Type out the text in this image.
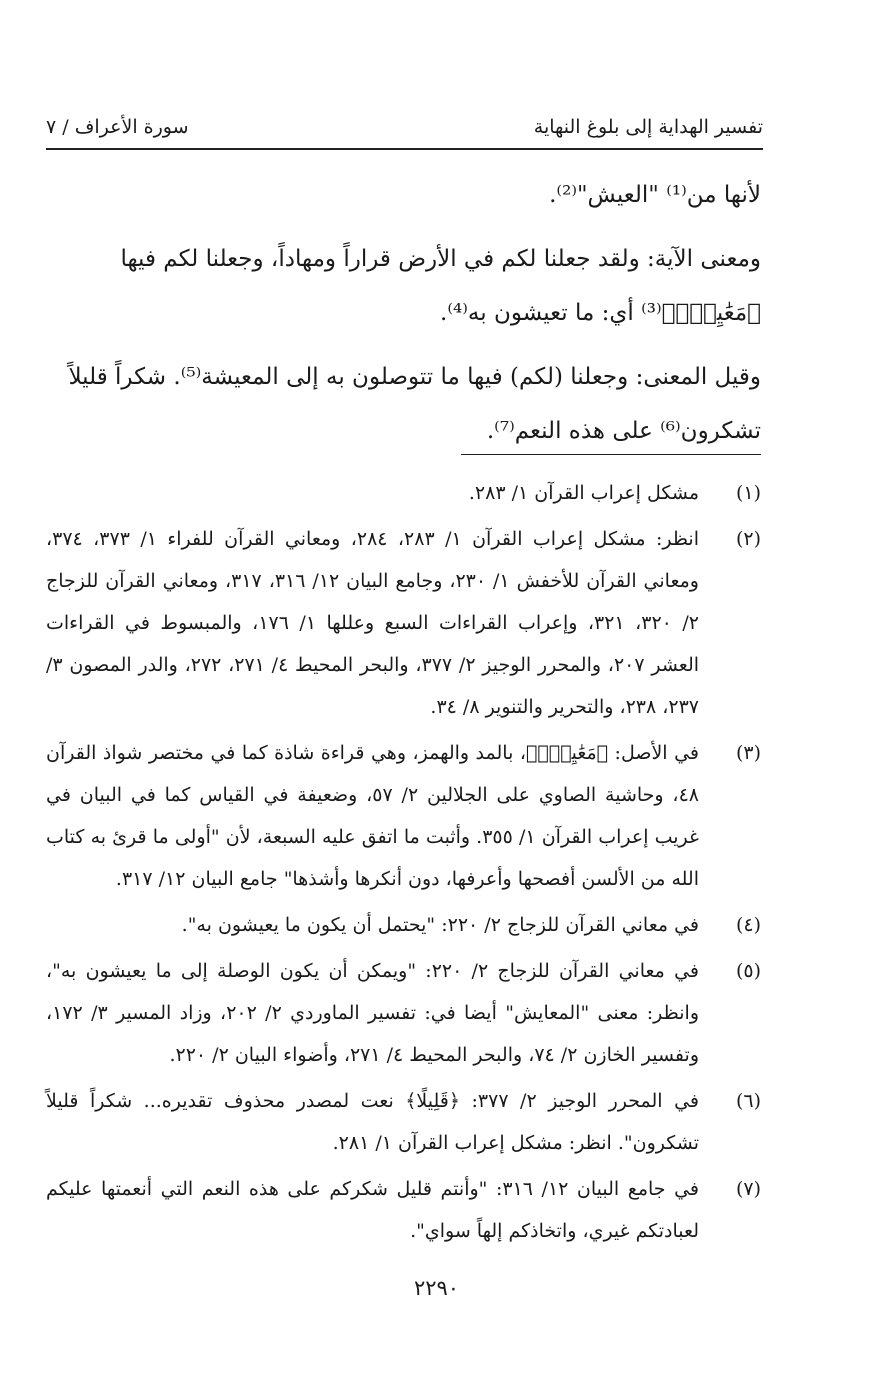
تفسير الهداية إلى بلوغ النهاية
سورة الأعراف / ٧

لأنها من⁽¹⁾ "العيش"⁽²⁾.

ومعنى الآية: ولقد جعلنا لكم في الأرض قراراً ومهاداً، وجعلنا لكم فيها
﴿مَعَٰيِشَۗ﴾⁽³⁾ أي: ما تعيشون به⁽⁴⁾.

وقيل المعنى: وجعلنا (لكم) فيها ما تتوصلون به إلى المعيشة⁽⁵⁾. شكراً قليلاً
تشكرون⁽⁶⁾ على هذه النعم⁽⁷⁾.

(١)
مشكل إعراب القرآن ١/ ٢٨٣.
(٢)
انظر: مشكل إعراب القرآن ١/ ٢٨٣، ٢٨٤، ومعاني القرآن للفراء ١/ ٣٧٣، ٣٧٤، ومعاني القرآن للأخفش ١/ ٢٣٠، وجامع البيان ١٢/ ٣١٦، ٣١٧، ومعاني القرآن للزجاج ٢/ ٣٢٠، ٣٢١، وإعراب القراءات السبع وعللها ١/ ١٧٦، والمبسوط في القراءات العشر ٢٠٧، والمحرر الوجيز ٢/ ٣٧٧، والبحر المحيط ٤/ ٢٧١، ٢٧٢، والدر المصون ٣/ ٢٣٧، ٢٣٨، والتحرير والتنوير ٨/ ٣٤.
(٣)
في الأصل: ﴿مَعَٰيِشَۗ﴾، بالمد والهمز، وهي قراءة شاذة كما في مختصر شواذ القرآن ٤٨، وحاشية الصاوي على الجلالين ٢/ ٥٧، وضعيفة في القياس كما في البيان في غريب إعراب القرآن ١/ ٣٥٥. وأثبت ما اتفق عليه السبعة، لأن "أولى ما قرئ به كتاب الله من الألسن أفصحها وأعرفها، دون أنكرها وأشذها" جامع البيان ١٢/ ٣١٧.
(٤)
في معاني القرآن للزجاج ٢/ ٢٢٠: "يحتمل أن يكون ما يعيشون به".
(٥)
في معاني القرآن للزجاج ٢/ ٢٢٠: "ويمكن أن يكون الوصلة إلى ما يعيشون به"، وانظر: معنى "المعايش" أيضا في: تفسير الماوردي ٢/ ٢٠٢، وزاد المسير ٣/ ١٧٢، وتفسير الخازن ٢/ ٧٤، والبحر المحيط ٤/ ٢٧١، وأضواء البيان ٢/ ٢٢٠.
(٦)
في المحرر الوجيز ٢/ ٣٧٧: ﴿قَلِيلًا﴾ نعت لمصدر محذوف تقديره... شكراً قليلاً تشكرون". انظر: مشكل إعراب القرآن ١/ ٢٨١.
(٧)
في جامع البيان ١٢/ ٣١٦: "وأنتم قليل شكركم على هذه النعم التي أنعمتها عليكم لعبادتكم غيري، واتخاذكم إلهاً سواي".
٢٢٩٠
